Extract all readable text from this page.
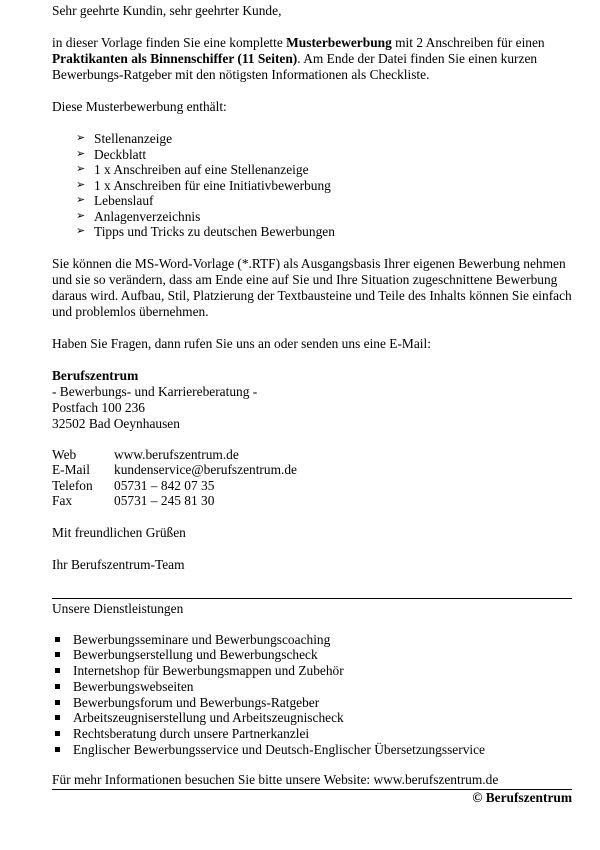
Sehr geehrte Kundin, sehr geehrter Kunde,

in dieser Vorlage finden Sie eine komplette Musterbewerbung mit 2 Anschreiben für einen Praktikanten als Binnenschiffer (11 Seiten). Am Ende der Datei finden Sie einen kurzen Bewerbungs-Ratgeber mit den nötigsten Informationen als Checkliste.

Diese Musterbewerbung enthält:

➢ Stellenanzeige
➢ Deckblatt
➢ 1 x Anschreiben auf eine Stellenanzeige
➢ 1 x Anschreiben für eine Initiativbewerbung
➢ Lebenslauf
➢ Anlagenverzeichnis
➢ Tipps und Tricks zu deutschen Bewerbungen

Sie können die MS-Word-Vorlage (*.RTF) als Ausgangsbasis Ihrer eigenen Bewerbung nehmen und sie so verändern, dass am Ende eine auf Sie und Ihre Situation zugeschnittene Bewerbung daraus wird. Aufbau, Stil, Platzierung der Textbausteine und Teile des Inhalts können Sie einfach und problemlos übernehmen.

Haben Sie Fragen, dann rufen Sie uns an oder senden uns eine E-Mail:

Berufszentrum

- Bewerbungs- und Karriereberatung -

Postfach 100 236

32502 Bad Oeynhausen

Web	www.berufszentrum.de
E-Mail	kundenservice@berufszentrum.de
Telefon	05731 – 842 07 35
Fax	05731 – 245 81 30

Mit freundlichen Grüßen

Ihr Berufszentrum-Team

Unsere Dienstleistungen

Bewerbungsseminare und Bewerbungscoaching
Bewerbungserstellung und Bewerbungscheck
Internetshop für Bewerbungsmappen und Zubehör
Bewerbungswebseiten
Bewerbungsforum und Bewerbungs-Ratgeber
Arbeitszeugniserstellung und Arbeitszeugnischeck
Rechtsberatung durch unsere Partnerkanzlei
Englischer Bewerbungsservice und Deutsch-Englischer Übersetzungsservice

Für mehr Informationen besuchen Sie bitte unsere Website: www.berufszentrum.de

© Berufszentrum
